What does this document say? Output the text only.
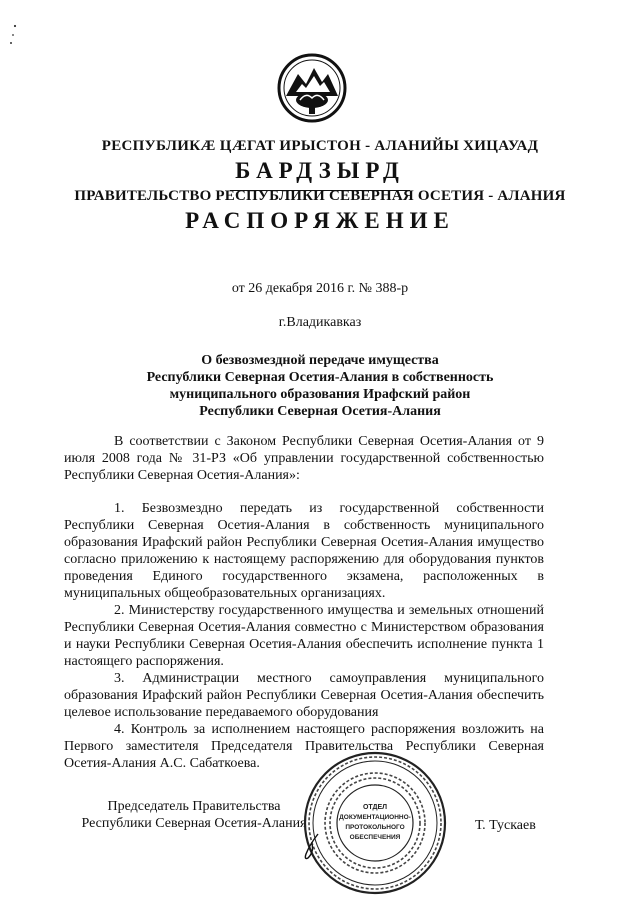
РЕСПУБЛИКӔ ЦӔГАТ ИРЫСТОН - АЛАНИЙЫ ХИЦАУАД
БАРДЗЫРД
ПРАВИТЕЛЬСТВО РЕСПУБЛИКИ СЕВЕРНАЯ ОСЕТИЯ - АЛАНИЯ
РАСПОРЯЖЕНИЕ
от 26 декабря 2016 г. № 388-р
г.Владикавказ
О безвозмездной передаче имущества
Республики Северная Осетия-Алания в собственность
муниципального образования Ирафский район
Республики Северная Осетия-Алания

В соответствии с Законом Республики Северная Осетия-Алания от 9 июля 2008 года № 31-РЗ «Об управлении государственной собственностью Республики Северная Осетия-Алания»:

1. Безвозмездно передать из государственной собственности Республики Северная Осетия-Алания в собственность муниципального образования Ирафский район Республики Северная Осетия-Алания имущество согласно приложению к настоящему распоряжению для оборудования пунктов проведения Единого государственного экзамена, расположенных в муниципальных общеобразовательных организациях.

2. Министерству государственного имущества и земельных отношений Республики Северная Осетия-Алания совместно с Министерством образования и науки Республики Северная Осетия-Алания обеспечить исполнение пункта 1 настоящего распоряжения.

3. Администрации местного самоуправления муниципального образования Ирафский район Республики Северная Осетия-Алания обеспечить целевое использование передаваемого оборудования

4. Контроль за исполнением настоящего распоряжения возложить на Первого заместителя Председателя Правительства Республики Северная Осетия-Алания А.С. Сабаткоева.

Председатель Правительства
Республики Северная Осетия-Алания	Т. Тускаев
ОТДЕЛ
ДОКУМЕНТАЦИОННО-
ПРОТОКОЛЬНОГО
ОБЕСПЕЧЕНИЯ
